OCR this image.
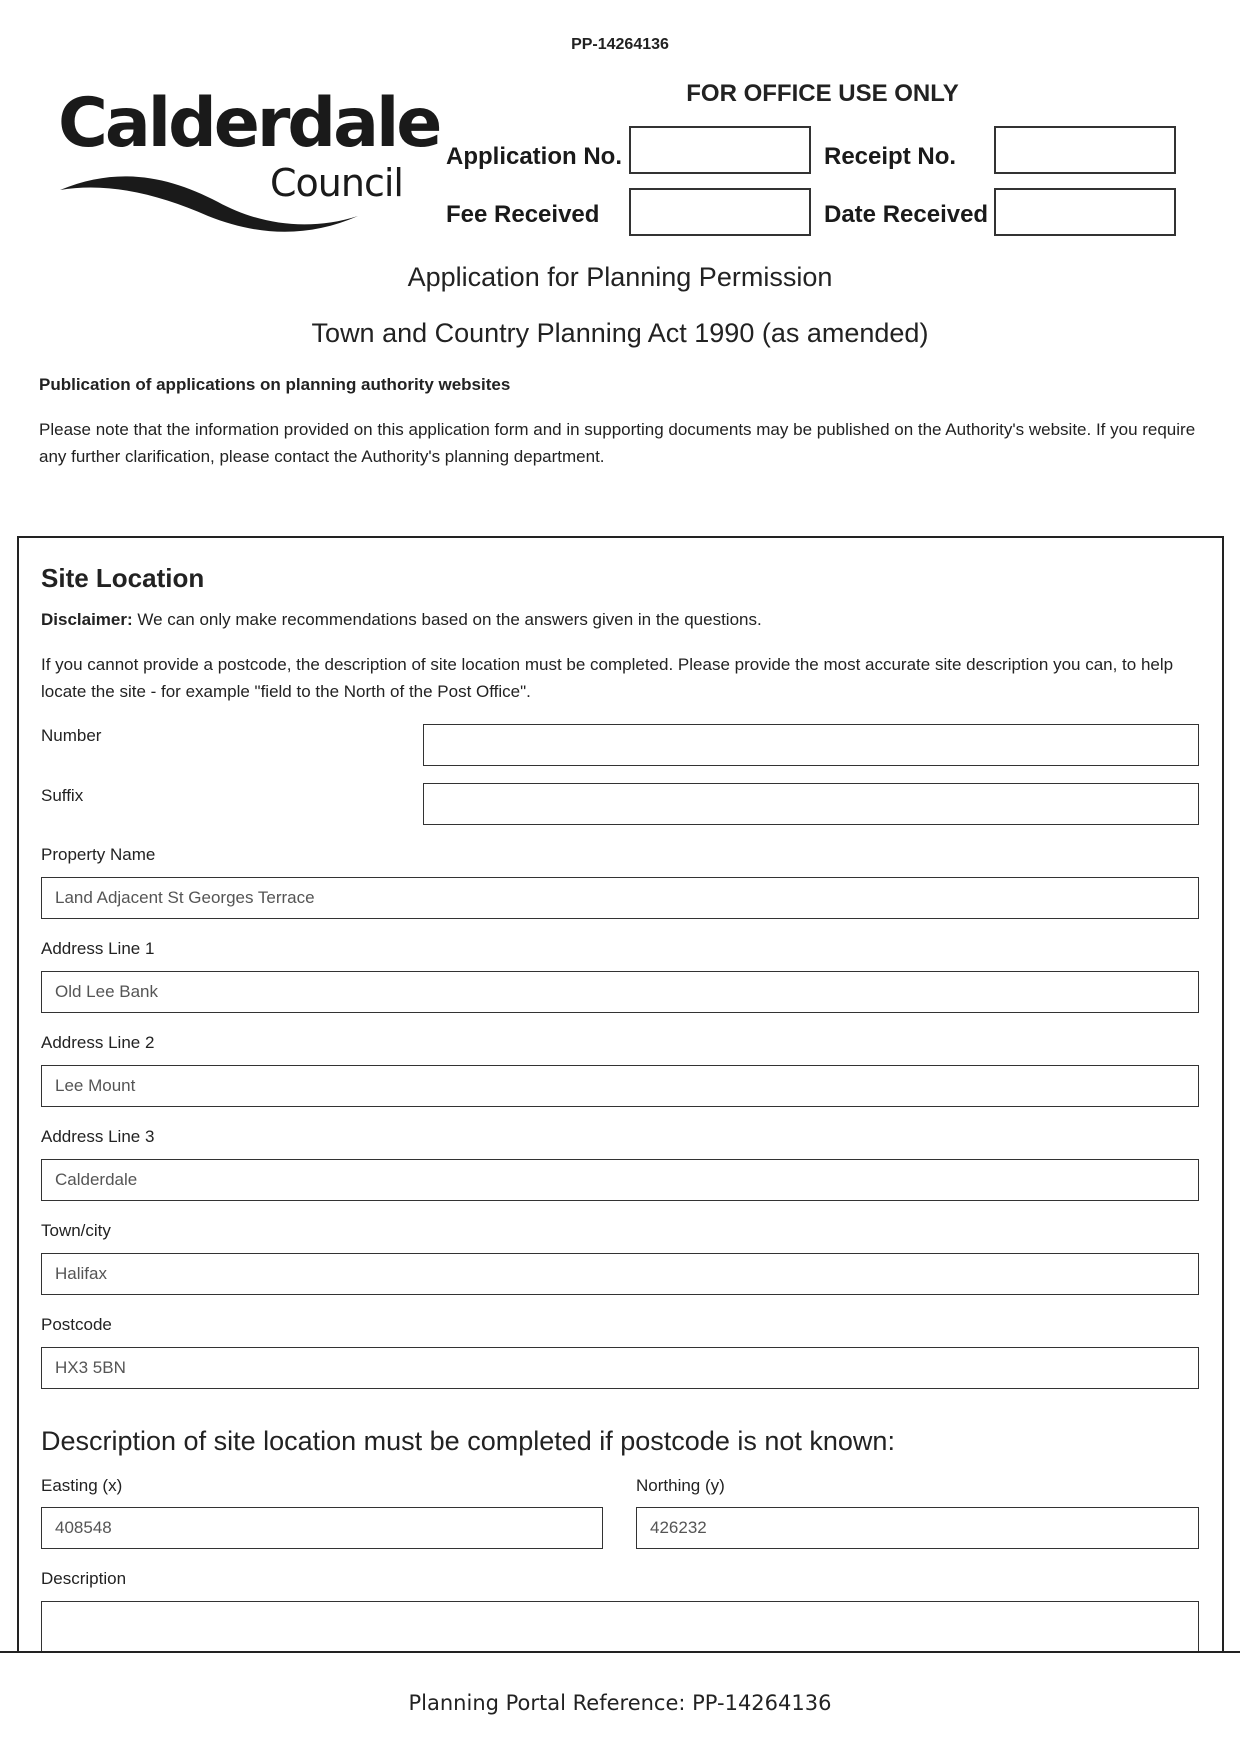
PP-14264136
Calderdale
Council
FOR OFFICE USE ONLY
Application No.	Receipt No.
Fee Received	Date Received
Application for Planning Permission
Town and Country Planning Act 1990 (as amended)
Publication of applications on planning authority websites
Please note that the information provided on this application form and in supporting documents may be published on the Authority's website. If you require any further clarification, please contact the Authority's planning department.
Site Location
Disclaimer: We can only make recommendations based on the answers given in the questions.
If you cannot provide a postcode, the description of site location must be completed. Please provide the most accurate site description you can, to help locate the site - for example "field to the North of the Post Office".
Number
Suffix
Property Name
Land Adjacent St Georges Terrace
Address Line 1
Old Lee Bank
Address Line 2
Lee Mount
Address Line 3
Calderdale
Town/city
Halifax
Postcode
HX3 5BN
Description of site location must be completed if postcode is not known:
Easting (x)
408548
Northing (y)
426232
Description
Planning Portal Reference: PP-14264136
